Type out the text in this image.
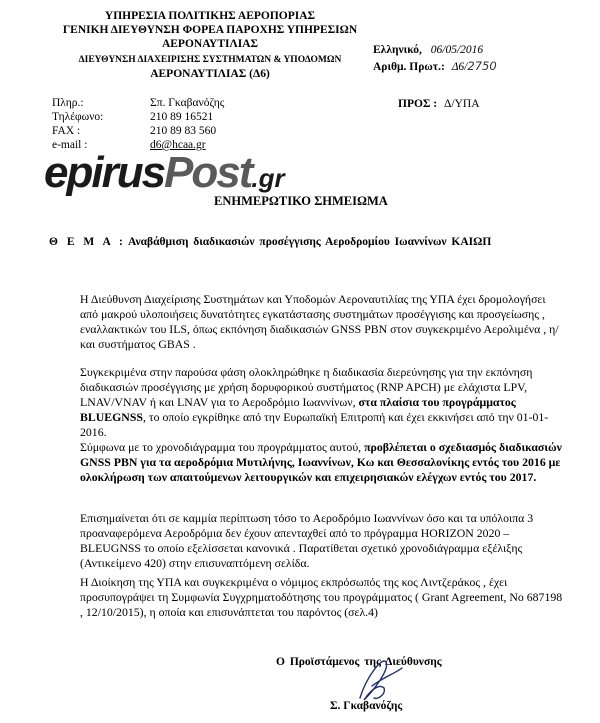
ΥΠΗΡΕΣΙΑ ΠΟΛΙΤΙΚΗΣ ΑΕΡΟΠΟΡΙΑΣ
ΓΕΝΙΚΗ ΔΙΕΥΘΥΝΣΗ ΦΟΡΕΑ ΠΑΡΟΧΗΣ ΥΠΗΡΕΣΙΩΝ
ΑΕΡΟΝΑΥΤΙΛΙΑΣ
ΔΙΕΥΘΥΝΣΗ ΔΙΑΧΕΙΡΙΣΗΣ ΣΥΣΤΗΜΑΤΩΝ & ΥΠΟΔΟΜΩΝ
ΑΕΡΟΝΑΥΤΙΛΙΑΣ (Δ6)
Ελληνικό, 06/05/2016
Αριθμ. Πρωτ.: Δ6/2750
Πληρ.:	Σπ. Γκαβανόζης
Τηλέφωνο:	210 89 16521
FAX :	210 89 83 560
e-mail :	d6@hcaa.gr
ΠΡΟΣ : Δ/ΥΠΑ
epirusPost.gr
ΕΝΗΜΕΡΩΤΙΚΟ ΣΗΜΕΙΩΜΑ
Θ Ε Μ Α : Αναβάθμιση διαδικασιών προσέγγισης Αεροδρομίου Ιωαννίνων ΚΑΙΩΠ
Η Διεύθυνση Διαχείρισης Συστημάτων και Υποδομών Αεροναυτιλίας της ΥΠΑ έχει δρομολογήσει από μακρού υλοποιήσεις δυνατότητες εγκατάστασης συστημάτων προσέγγισης και προσγείωσης , εναλλακτικών του ILS, όπως εκπόνηση διαδικασιών GNSS PBN στον συγκεκριμένο Αερολιμένα , η/και συστήματος GBAS .
Συγκεκριμένα στην παρούσα φάση ολοκληρώθηκε η διαδικασία διερεύνησης για την εκπόνηση διαδικασιών προσέγγισης με χρήση δορυφορικού συστήματος (RNP APCH) με ελάχιστα LPV, LNAV/VNAV ή και LNAV για το Αεροδρόμιο Ιωαννίνων, στα πλαίσια του προγράμματος BLUEGNSS, το οποίο εγκρίθηκε από την Ευρωπαϊκή Επιτροπή και έχει εκκινήσει από την 01-01-2016.
Σύμφωνα με το χρονοδιάγραμμα του προγράμματος αυτού, προβλέπεται ο σχεδιασμός διαδικασιών GNSS PBN για τα αεροδρόμια Μυτιλήνης, Ιωαννίνων, Κω και Θεσσαλονίκης εντός του 2016 με ολοκλήρωση των απαιτούμενων λειτουργικών και επιχειρησιακών ελέγχων εντός του 2017.
Επισημαίνεται ότι σε καμμία περίπτωση τόσο το Αεροδρόμιο Ιωαννίνων όσο και τα υπόλοιπα 3 προαναφερόμενα Αεροδρόμια δεν έχουν απενταχθεί από το πρόγραμμα HORIZON 2020 – BLEUGNSS το οποίο εξελίσσεται κανονικά . Παρατίθεται σχετικό χρονοδιάγραμμα εξέλιξης (Αντικείμενο 420) στην επισυναπτόμενη σελίδα.
Η Διοίκηση της ΥΠΑ και συγκεκριμένα ο νόμιμος εκπρόσωπός της κος Λιντζεράκος , έχει προσυπογράψει τη Συμφωνία Συγχρηματοδότησης του προγράμματος ( Grant Agreement, No 687198 , 12/10/2015), η οποία και επισυνάπτεται του παρόντος (σελ.4)
Ο Προϊστάμενος της Διεύθυνσης
Σ. Γκαβανόζης
